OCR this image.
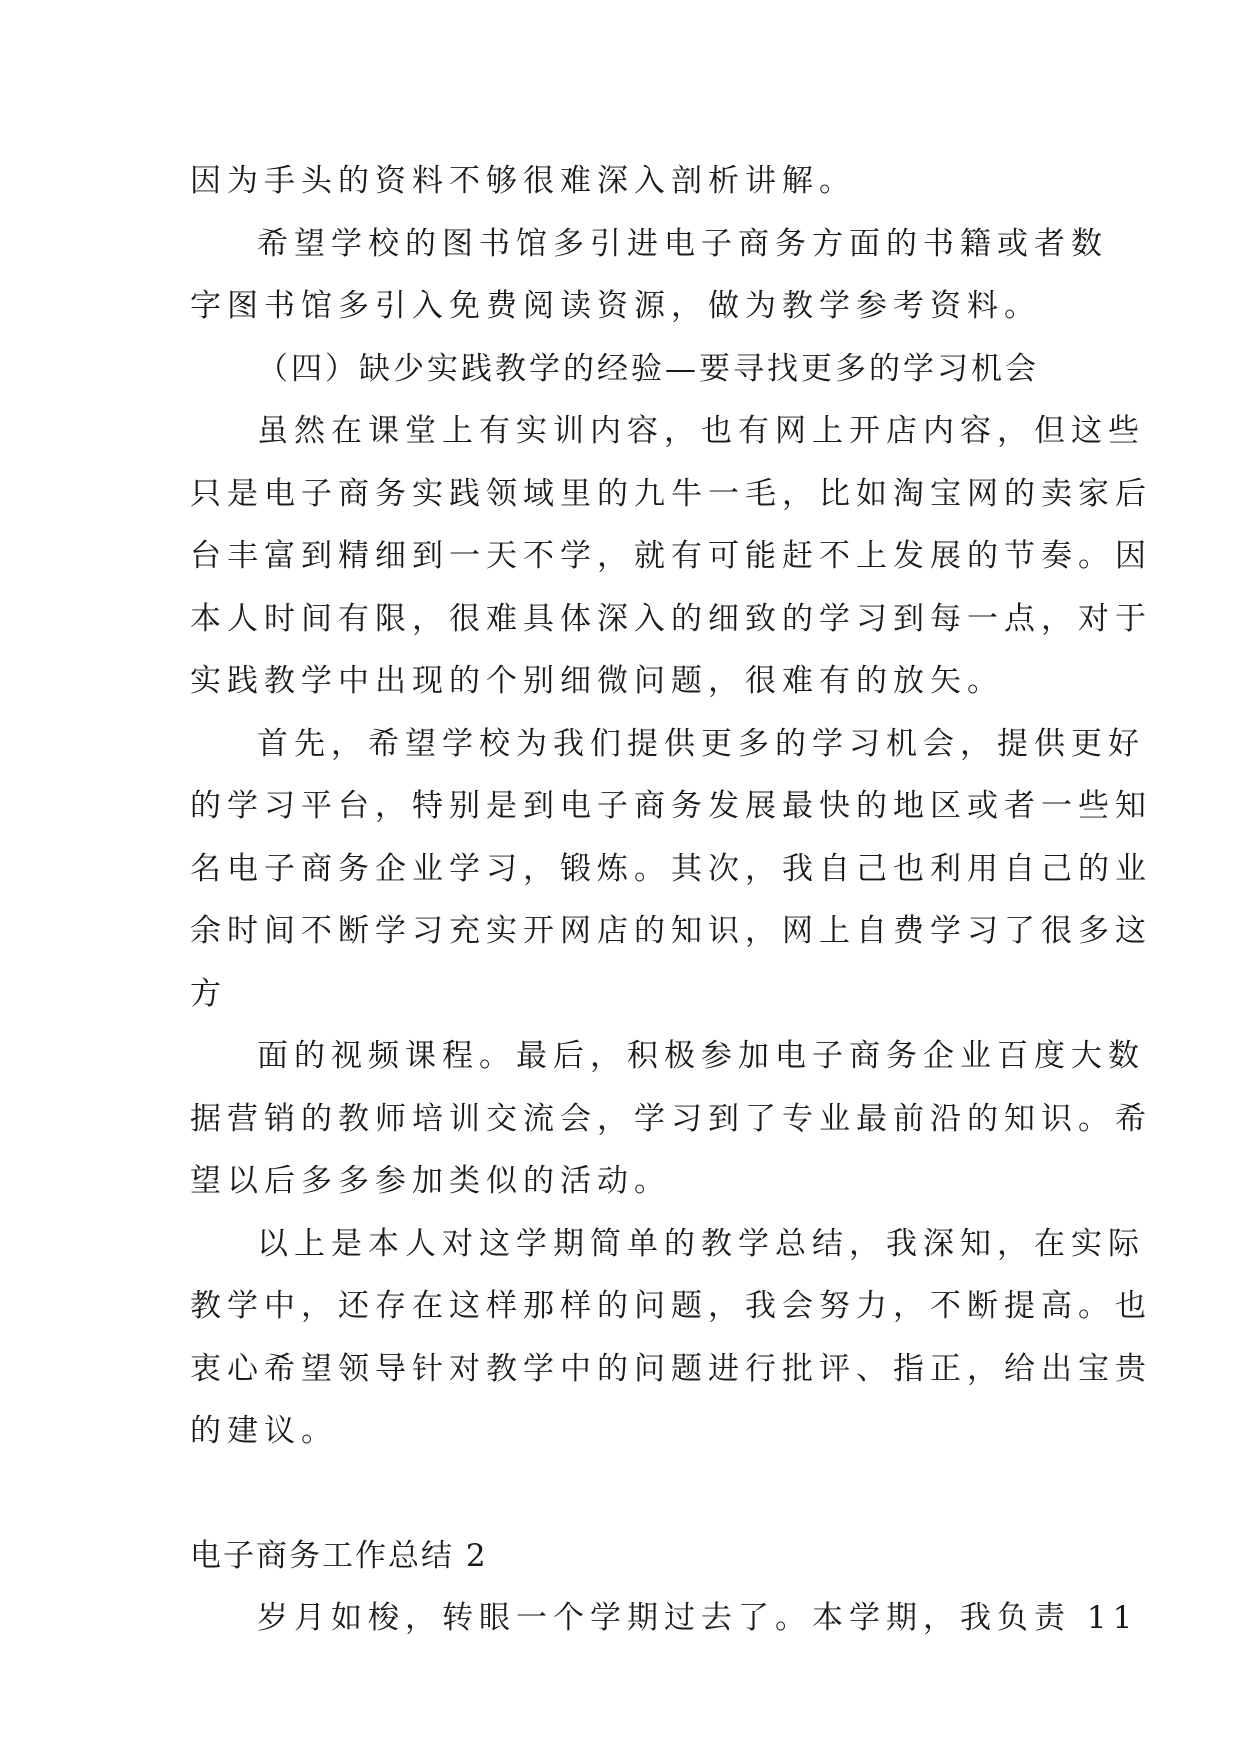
因为手头的资料不够很难深入剖析讲解。
希望学校的图书馆多引进电子商务方面的书籍或者数
字图书馆多引入免费阅读资源，做为教学参考资料。
（四）缺少实践教学的经验—要寻找更多的学习机会
虽然在课堂上有实训内容，也有网上开店内容，但这些
只是电子商务实践领域里的九牛一毛，比如淘宝网的卖家后
台丰富到精细到一天不学，就有可能赶不上发展的节奏。因
本人时间有限，很难具体深入的细致的学习到每一点，对于
实践教学中出现的个别细微问题，很难有的放矢。
首先，希望学校为我们提供更多的学习机会，提供更好
的学习平台，特别是到电子商务发展最快的地区或者一些知
名电子商务企业学习，锻炼。其次，我自己也利用自己的业
余时间不断学习充实开网店的知识，网上自费学习了很多这
方
面的视频课程。最后，积极参加电子商务企业百度大数
据营销的教师培训交流会，学习到了专业最前沿的知识。希
望以后多多参加类似的活动。
以上是本人对这学期简单的教学总结，我深知，在实际
教学中，还存在这样那样的问题，我会努力，不断提高。也
衷心希望领导针对教学中的问题进行批评、指正，给出宝贵
的建议。
电子商务工作总结 2
岁月如梭，转眼一个学期过去了。本学期，我负责 11
